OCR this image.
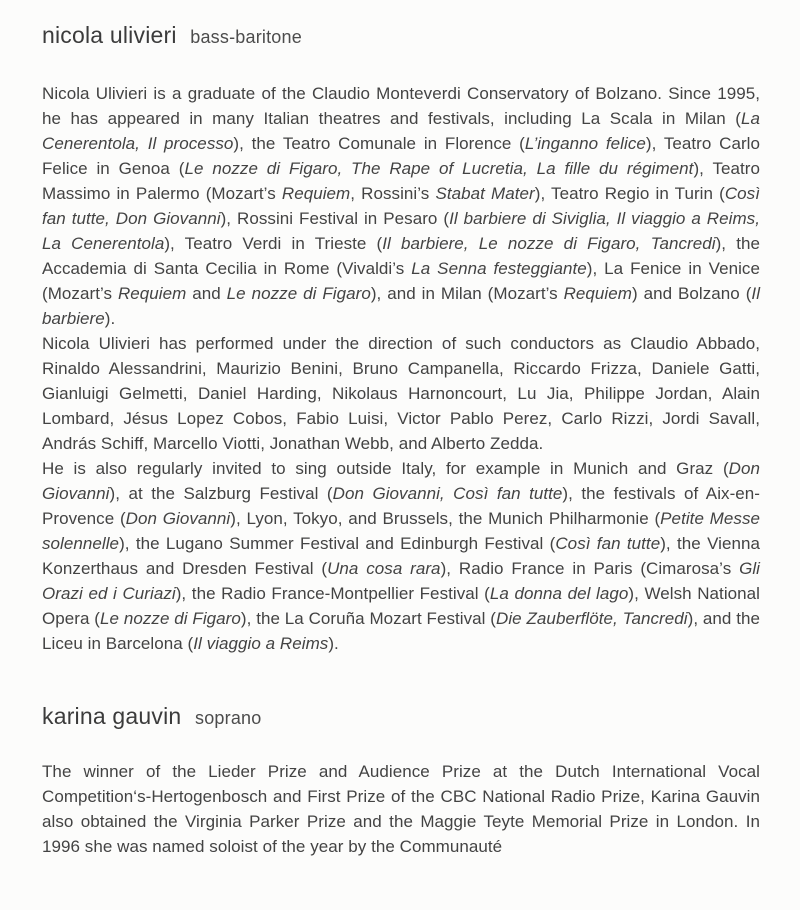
nicola ulivieri bass-baritone

Nicola Ulivieri is a graduate of the Claudio Monteverdi Conservatory of Bolzano. Since 1995, he has appeared in many Italian theatres and festivals, including La Scala in Milan (La Cenerentola, Il processo), the Teatro Comunale in Florence (L’inganno felice), Teatro Carlo Felice in Genoa (Le nozze di Figaro, The Rape of Lucretia, La fille du régiment), Teatro Massimo in Palermo (Mozart’s Requiem, Rossini’s Stabat Mater), Teatro Regio in Turin (Così fan tutte, Don Giovanni), Rossini Festival in Pesaro (Il barbiere di Siviglia, Il viaggio a Reims, La Cenerentola), Teatro Verdi in Trieste (Il barbiere, Le nozze di Figaro, Tancredi), the Accademia di Santa Cecilia in Rome (Vivaldi’s La Senna festeggiante), La Fenice in Venice (Mozart’s Requiem and Le nozze di Figaro), and in Milan (Mozart’s Requiem) and Bolzano (Il barbiere).

Nicola Ulivieri has performed under the direction of such conductors as Claudio Abbado, Rinaldo Alessandrini, Maurizio Benini, Bruno Campanella, Riccardo Frizza, Daniele Gatti, Gianluigi Gelmetti, Daniel Harding, Nikolaus Harnoncourt, Lu Jia, Philippe Jordan, Alain Lombard, Jésus Lopez Cobos, Fabio Luisi, Victor Pablo Perez, Carlo Rizzi, Jordi Savall, András Schiff, Marcello Viotti, Jonathan Webb, and Alberto Zedda.

He is also regularly invited to sing outside Italy, for example in Munich and Graz (Don Giovanni), at the Salzburg Festival (Don Giovanni, Così fan tutte), the festivals of Aix-en-Provence (Don Giovanni), Lyon, Tokyo, and Brussels, the Munich Philharmonie (Petite Messe solennelle), the Lugano Summer Festival and Edinburgh Festival (Così fan tutte), the Vienna Konzerthaus and Dresden Festival (Una cosa rara), Radio France in Paris (Cimarosa’s Gli Orazi ed i Curiazi), the Radio France-Montpellier Festival (La donna del lago), Welsh National Opera (Le nozze di Figaro), the La Coruña Mozart Festival (Die Zauberflöte, Tancredi), and the Liceu in Barcelona (Il viaggio a Reims).

karina gauvin soprano

The winner of the Lieder Prize and Audience Prize at the Dutch International Vocal Competition‘s-Hertogenbosch and First Prize of the CBC National Radio Prize, Karina Gauvin also obtained the Virginia Parker Prize and the Maggie Teyte Memorial Prize in London. In 1996 she was named soloist of the year by the Communauté
